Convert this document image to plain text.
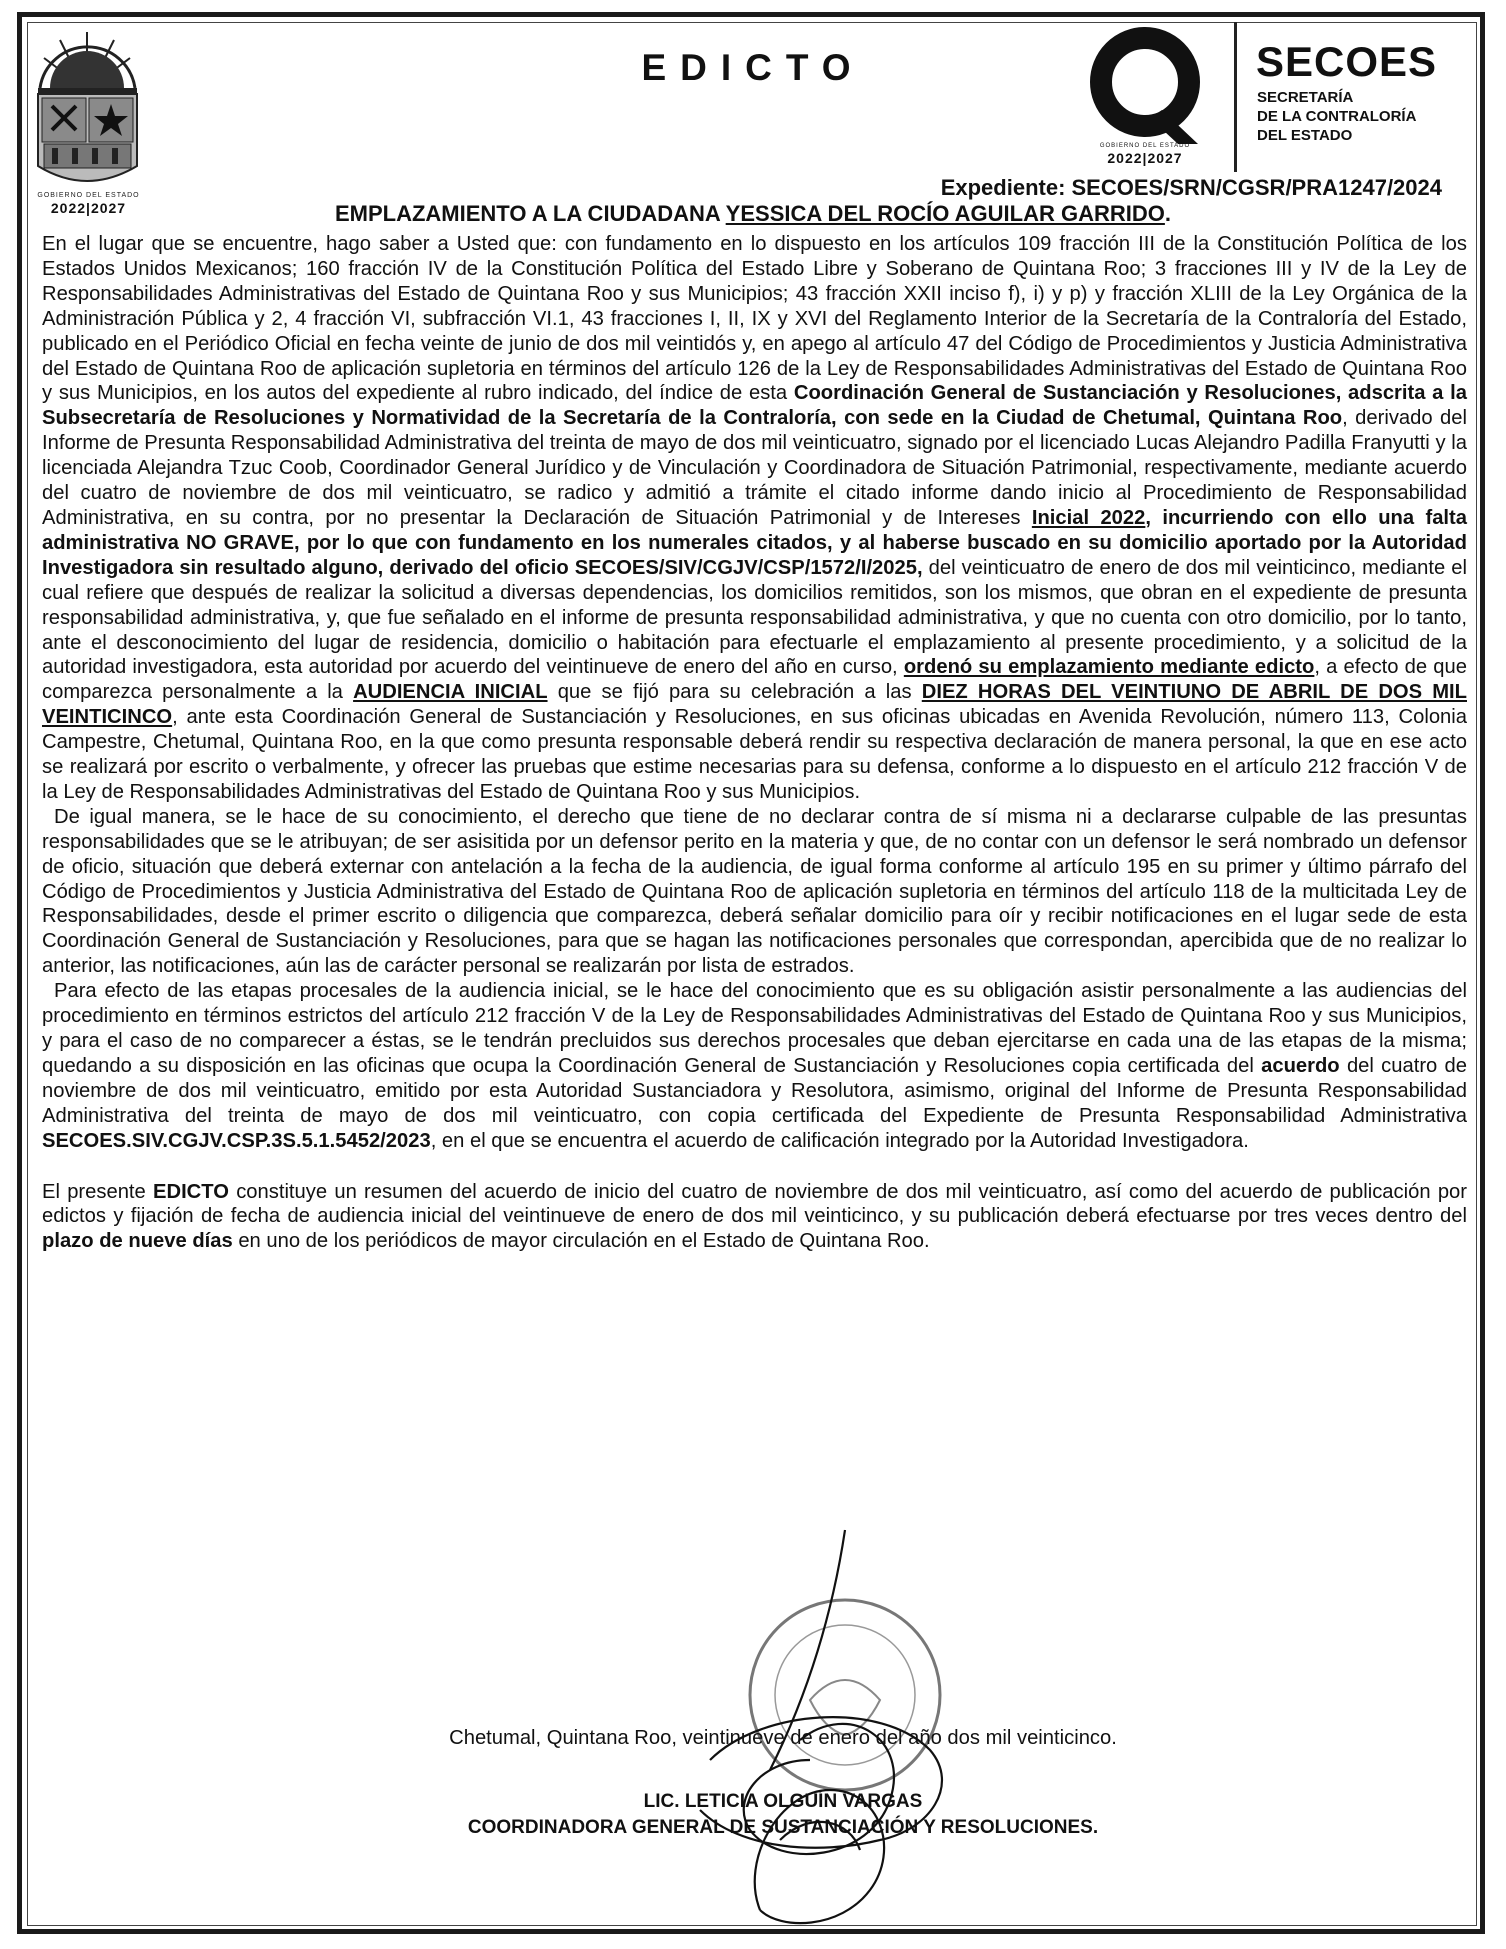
GOBIERNO DEL ESTADO
2022|2027
EDICTO
GOBIERNO DEL ESTADO
2022|2027
SECOES
SECRETARÍA
DE LA CONTRALORÍA
DEL ESTADO
Expediente: SECOES/SRN/CGSR/PRA1247/2024
EMPLAZAMIENTO A LA CIUDADANA YESSICA DEL ROCÍO AGUILAR GARRIDO.

En el lugar que se encuentre, hago saber a Usted que: con fundamento en lo dispuesto en los artículos 109 fracción III de la Constitución Política de los Estados Unidos Mexicanos; 160 fracción IV de la Constitución Política del Estado Libre y Soberano de Quintana Roo; 3 fracciones III y IV de la Ley de Responsabilidades Administrativas del Estado de Quintana Roo y sus Municipios; 43 fracción XXII inciso f), i) y p) y fracción XLIII de la Ley Orgánica de la Administración Pública y 2, 4 fracción VI, subfracción VI.1, 43 fracciones I, II, IX y XVI del Reglamento Interior de la Secretaría de la Contraloría del Estado, publicado en el Periódico Oficial en fecha veinte de junio de dos mil veintidós y, en apego al artículo 47 del Código de Procedimientos y Justicia Administrativa del Estado de Quintana Roo de aplicación supletoria en términos del artículo 126 de la Ley de Responsabilidades Administrativas del Estado de Quintana Roo y sus Municipios, en los autos del expediente al rubro indicado, del índice de esta Coordinación General de Sustanciación y Resoluciones, adscrita a la Subsecretaría de Resoluciones y Normatividad de la Secretaría de la Contraloría, con sede en la Ciudad de Chetumal, Quintana Roo, derivado del Informe de Presunta Responsabilidad Administrativa del treinta de mayo de dos mil veinticuatro, signado por el licenciado Lucas Alejandro Padilla Franyutti y la licenciada Alejandra Tzuc Coob, Coordinador General Jurídico y de Vinculación y Coordinadora de Situación Patrimonial, respectivamente, mediante acuerdo del cuatro de noviembre de dos mil veinticuatro, se radico y admitió a trámite el citado informe dando inicio al Procedimiento de Responsabilidad Administrativa, en su contra, por no presentar la Declaración de Situación Patrimonial y de Intereses Inicial 2022, incurriendo con ello una falta administrativa NO GRAVE, por lo que con fundamento en los numerales citados, y al haberse buscado en su domicilio aportado por la Autoridad Investigadora sin resultado alguno, derivado del oficio SECOES/SIV/CGJV/CSP/1572/I/2025, del veinticuatro de enero de dos mil veinticinco, mediante el cual refiere que después de realizar la solicitud a diversas dependencias, los domicilios remitidos, son los mismos, que obran en el expediente de presunta responsabilidad administrativa, y, que fue señalado en el informe de presunta responsabilidad administrativa, y que no cuenta con otro domicilio, por lo tanto, ante el desconocimiento del lugar de residencia, domicilio o habitación para efectuarle el emplazamiento al presente procedimiento, y a solicitud de la autoridad investigadora, esta autoridad por acuerdo del veintinueve de enero del año en curso, ordenó su emplazamiento mediante edicto, a efecto de que comparezca personalmente a la AUDIENCIA INICIAL que se fijó para su celebración a las DIEZ HORAS DEL VEINTIUNO DE ABRIL DE DOS MIL VEINTICINCO, ante esta Coordinación General de Sustanciación y Resoluciones, en sus oficinas ubicadas en Avenida Revolución, número 113, Colonia Campestre, Chetumal, Quintana Roo, en la que como presunta responsable deberá rendir su respectiva declaración de manera personal, la que en ese acto se realizará por escrito o verbalmente, y ofrecer las pruebas que estime necesarias para su defensa, conforme a lo dispuesto en el artículo 212 fracción V de la Ley de Responsabilidades Administrativas del Estado de Quintana Roo y sus Municipios.

De igual manera, se le hace de su conocimiento, el derecho que tiene de no declarar contra de sí misma ni a declararse culpable de las presuntas responsabilidades que se le atribuyan; de ser asisitida por un defensor perito en la materia y que, de no contar con un defensor le será nombrado un defensor de oficio, situación que deberá externar con antelación a la fecha de la audiencia, de igual forma conforme al artículo 195 en su primer y último párrafo del Código de Procedimientos y Justicia Administrativa del Estado de Quintana Roo de aplicación supletoria en términos del artículo 118 de la multicitada Ley de Responsabilidades, desde el primer escrito o diligencia que comparezca, deberá señalar domicilio para oír y recibir notificaciones en el lugar sede de esta Coordinación General de Sustanciación y Resoluciones, para que se hagan las notificaciones personales que correspondan, apercibida que de no realizar lo anterior, las notificaciones, aún las de carácter personal se realizarán por lista de estrados.

Para efecto de las etapas procesales de la audiencia inicial, se le hace del conocimiento que es su obligación asistir personalmente a las audiencias del procedimiento en términos estrictos del artículo 212 fracción V de la Ley de Responsabilidades Administrativas del Estado de Quintana Roo y sus Municipios, y para el caso de no comparecer a éstas, se le tendrán precluidos sus derechos procesales que deban ejercitarse en cada una de las etapas de la misma; quedando a su disposición en las oficinas que ocupa la Coordinación General de Sustanciación y Resoluciones copia certificada del acuerdo del cuatro de noviembre de dos mil veinticuatro, emitido por esta Autoridad Sustanciadora y Resolutora, asimismo, original del Informe de Presunta Responsabilidad Administrativa del treinta de mayo de dos mil veinticuatro, con copia certificada del Expediente de Presunta Responsabilidad Administrativa SECOES.SIV.CGJV.CSP.3S.5.1.5452/2023, en el que se encuentra el acuerdo de calificación integrado por la Autoridad Investigadora.

El presente EDICTO constituye un resumen del acuerdo de inicio del cuatro de noviembre de dos mil veinticuatro, así como del acuerdo de publicación por edictos y fijación de fecha de audiencia inicial del veintinueve de enero de dos mil veinticinco, y su publicación deberá efectuarse por tres veces dentro del plazo de nueve días en uno de los periódicos de mayor circulación en el Estado de Quintana Roo.

Chetumal, Quintana Roo, veintinueve de enero del año dos mil veinticinco.
LIC. LETICIA OLGUÍN VARGAS
COORDINADORA GENERAL DE SUSTANCIACIÓN Y RESOLUCIONES.
